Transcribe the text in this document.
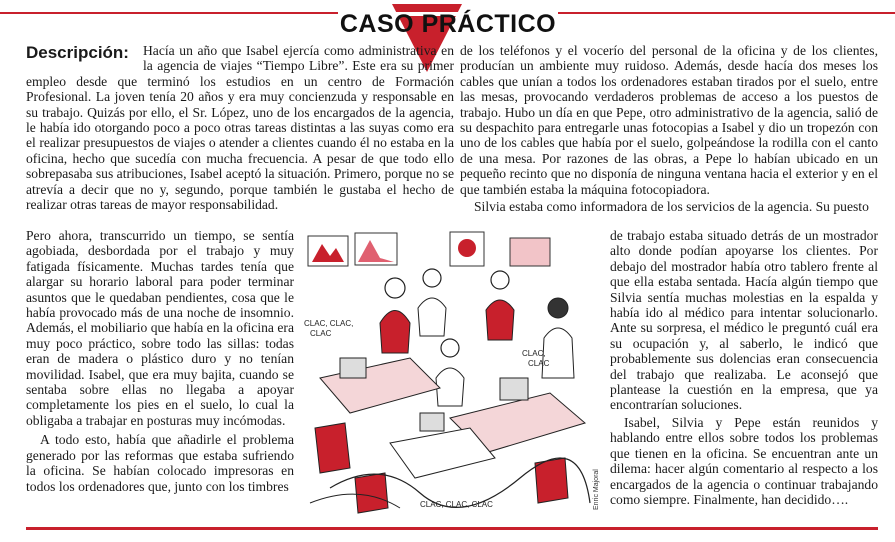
CASO PRÁCTICO
Descripción:	Hacía un año que Isabel ejercía como administrativa en la agencia de viajes “Tiempo Libre”. Este era su primer empleo desde que terminó los estudios en un centro de Formación Profesional. La joven tenía 20 años y era muy concienzuda y responsable en su trabajo. Quizás por ello, el Sr. López, uno de los encargados de la agencia, le había ido otorgando poco a poco otras tareas distintas a las suyas como era el realizar presupuestos de viajes o atender a clientes cuando él no estaba en la oficina, hecho que sucedía con mucha frecuencia. A pesar de que todo ello sobrepasaba sus atribuciones, Isabel aceptó la situación. Primero, porque no se atrevía a decir que no y, segundo, porque también le gustaba el hecho de realizar otras tareas de mayor responsabilidad.

Pero ahora, transcurrido un tiempo, se sentía agobiada, desbordada por el trabajo y muy fatigada físicamente. Muchas tardes tenía que alargar su horario laboral para poder terminar asuntos que le quedaban pendientes, cosa que le había provocado más de una noche de insomnio. Además, el mobiliario que había en la oficina era muy poco práctico, sobre todo las sillas: todas eran de madera o plástico duro y no tenían movilidad. Isabel, que era muy bajita, cuando se sentaba sobre ellas no llegaba a apoyar completamente los pies en el suelo, lo cual la obligaba a trabajar en posturas muy incómodas.

A todo esto, había que añadirle el problema generado por las reformas que estaba sufriendo la oficina. Se habían colocado impresoras en todos los ordenadores que, junto con los timbres

de los teléfonos y el vocerío del personal de la oficina y de los clientes, producían un ambiente muy ruidoso. Además, desde hacía dos meses los cables que unían a todos los ordenadores estaban tirados por el suelo, entre las mesas, provocando verdaderos problemas de acceso a los puestos de trabajo. Hubo un día en que Pepe, otro administrativo de la agencia, salió de su despachito para entregarle unas fotocopias a Isabel y dio un tropezón con uno de los cables que había por el suelo, golpeándose la rodilla con el canto de una mesa. Por razones de las obras, a Pepe lo habían ubicado en un pequeño recinto que no disponía de ninguna ventana hacia el exterior y en el que también estaba la máquina fotocopiadora.

Silvia estaba como informadora de los servicios de la agencia. Su puesto

de trabajo estaba situado detrás de un mostrador alto donde podían apoyarse los clientes. Por debajo del mostrador había otro tablero frente al que ella estaba sentada. Hacía algún tiempo que Silvia sentía muchas molestias en la espalda y había ido al médico para intentar solucionarlo. Ante su sorpresa, el médico le preguntó cuál era su ocupación y, al saberlo, le indicó que probablemente sus dolencias eran consecuencia del trabajo que realizaba. Le aconsejó que plantease la cuestión en la empresa, que ya encontrarían soluciones.

Isabel, Silvia y Pepe están reunidos y hablando entre ellos sobre todos los problemas que tienen en la oficina. Se encuentran ante un dilema: hacer algún comentario al respecto a los encargados de la agencia o continuar trabajando como siempre. Finalmente, han decidido….

CLAC, CLAC,
CLAC
CLAC, CLAC, CLAC
CLAC,
CLAC
Enric Majoral
